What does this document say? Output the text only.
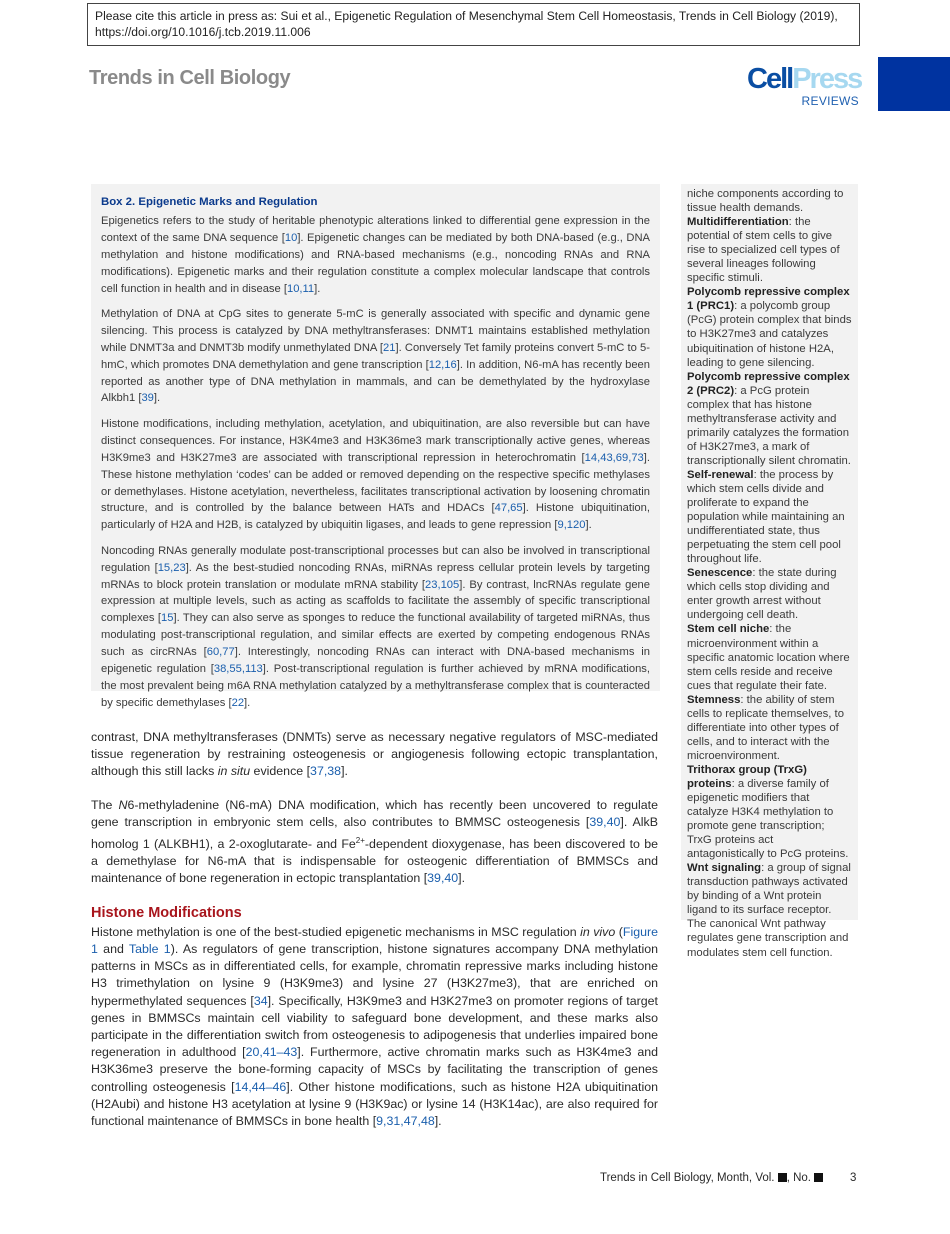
Please cite this article in press as: Sui et al., Epigenetic Regulation of Mesenchymal Stem Cell Homeostasis, Trends in Cell Biology (2019), https://doi.org/10.1016/j.tcb.2019.11.006
Trends in Cell Biology	CellPress
REVIEWS
Box 2. Epigenetic Marks and Regulation

Epigenetics refers to the study of heritable phenotypic alterations linked to differential gene expression in the context of the same DNA sequence [10]. Epigenetic changes can be mediated by both DNA-based (e.g., DNA methylation and histone modifications) and RNA-based mechanisms (e.g., noncoding RNAs and RNA modifications). Epigenetic marks and their regulation constitute a complex molecular landscape that controls cell function in health and in disease [10,11].

Methylation of DNA at CpG sites to generate 5-mC is generally associated with specific and dynamic gene silencing. This process is catalyzed by DNA methyltransferases: DNMT1 maintains established methylation while DNMT3a and DNMT3b modify unmethylated DNA [21]. Conversely Tet family proteins convert 5-mC to 5-hmC, which promotes DNA demethylation and gene transcription [12,16]. In addition, N6-mA has recently been reported as another type of DNA methylation in mammals, and can be demethylated by the hydroxylase Alkbh1 [39].

Histone modifications, including methylation, acetylation, and ubiquitination, are also reversible but can have distinct consequences. For instance, H3K4me3 and H3K36me3 mark transcriptionally active genes, whereas H3K9me3 and H3K27me3 are associated with transcriptional repression in heterochromatin [14,43,69,73]. These histone methylation ‘codes’ can be added or removed depending on the respective specific methylases or demethylases. Histone acetylation, nevertheless, facilitates transcriptional activation by loosening chromatin structure, and is controlled by the balance between HATs and HDACs [47,65]. Histone ubiquitination, particularly of H2A and H2B, is catalyzed by ubiquitin ligases, and leads to gene repression [9,120].

Noncoding RNAs generally modulate post-transcriptional processes but can also be involved in transcriptional regulation [15,23]. As the best-studied noncoding RNAs, miRNAs repress cellular protein levels by targeting mRNAs to block protein translation or modulate mRNA stability [23,105]. By contrast, lncRNAs regulate gene expression at multiple levels, such as acting as scaffolds to facilitate the assembly of specific transcriptional complexes [15]. They can also serve as sponges to reduce the functional availability of targeted miRNAs, thus modulating post-transcriptional regulation, and similar effects are exerted by competing endogenous RNAs such as circRNAs [60,77]. Interestingly, noncoding RNAs can interact with DNA-based mechanisms in epigenetic regulation [38,55,113]. Post-transcriptional regulation is further achieved by mRNA modifications, the most prevalent being m6A RNA methylation catalyzed by a methyltransferase complex that is counteracted by specific demethylases [22].

niche components according to tissue health demands.
Multidifferentiation: the potential of stem cells to give rise to specialized cell types of several lineages following specific stimuli.
Polycomb repressive complex 1 (PRC1): a polycomb group (PcG) protein complex that binds to H3K27me3 and catalyzes ubiquitination of histone H2A, leading to gene silencing.
Polycomb repressive complex 2 (PRC2): a PcG protein complex that has histone methyltransferase activity and primarily catalyzes the formation of H3K27me3, a mark of transcriptionally silent chromatin.
Self-renewal: the process by which stem cells divide and proliferate to expand the population while maintaining an undifferentiated state, thus perpetuating the stem cell pool throughout life.
Senescence: the state during which cells stop dividing and enter growth arrest without undergoing cell death.
Stem cell niche: the microenvironment within a specific anatomic location where stem cells reside and receive cues that regulate their fate.
Stemness: the ability of stem cells to replicate themselves, to differentiate into other types of cells, and to interact with the microenvironment.
Trithorax group (TrxG) proteins: a diverse family of epigenetic modifiers that catalyze H3K4 methylation to promote gene transcription; TrxG proteins act antagonistically to PcG proteins.
Wnt signaling: a group of signal transduction pathways activated by binding of a Wnt protein ligand to its surface receptor. The canonical Wnt pathway regulates gene transcription and modulates stem cell function.

contrast, DNA methyltransferases (DNMTs) serve as necessary negative regulators of MSC-mediated tissue regeneration by restraining osteogenesis or angiogenesis following ectopic transplantation, although this still lacks in situ evidence [37,38].

The N6-methyladenine (N6-mA) DNA modification, which has recently been uncovered to regulate gene transcription in embryonic stem cells, also contributes to BMMSC osteogenesis [39,40]. AlkB homolog 1 (ALKBH1), a 2-oxoglutarate- and $Fe^{2+}$-dependent dioxygenase, has been discovered to be a demethylase for N6-mA that is indispensable for osteogenic differentiation of BMMSCs and maintenance of bone regeneration in ectopic transplantation [39,40].

Histone Modifications

Histone methylation is one of the best-studied epigenetic mechanisms in MSC regulation in vivo (Figure 1 and Table 1). As regulators of gene transcription, histone signatures accompany DNA methylation patterns in MSCs as in differentiated cells, for example, chromatin repressive marks including histone H3 trimethylation on lysine 9 (H3K9me3) and lysine 27 (H3K27me3), that are enriched on hypermethylated sequences [34]. Specifically, H3K9me3 and H3K27me3 on promoter regions of target genes in BMMSCs maintain cell viability to safeguard bone development, and these marks also participate in the differentiation switch from osteogenesis to adipogenesis that underlies impaired bone regeneration in adulthood [20,41–43]. Furthermore, active chromatin marks such as H3K4me3 and H3K36me3 preserve the bone-forming capacity of MSCs by facilitating the transcription of genes controlling osteogenesis [14,44–46]. Other histone modifications, such as histone H2A ubiquitination (H2Aubi) and histone H3 acetylation at lysine 9 (H3K9ac) or lysine 14 (H3K14ac), are also required for functional maintenance of BMMSCs in bone health [9,31,47,48].

Trends in Cell Biology, Month, Vol. , No.	3
